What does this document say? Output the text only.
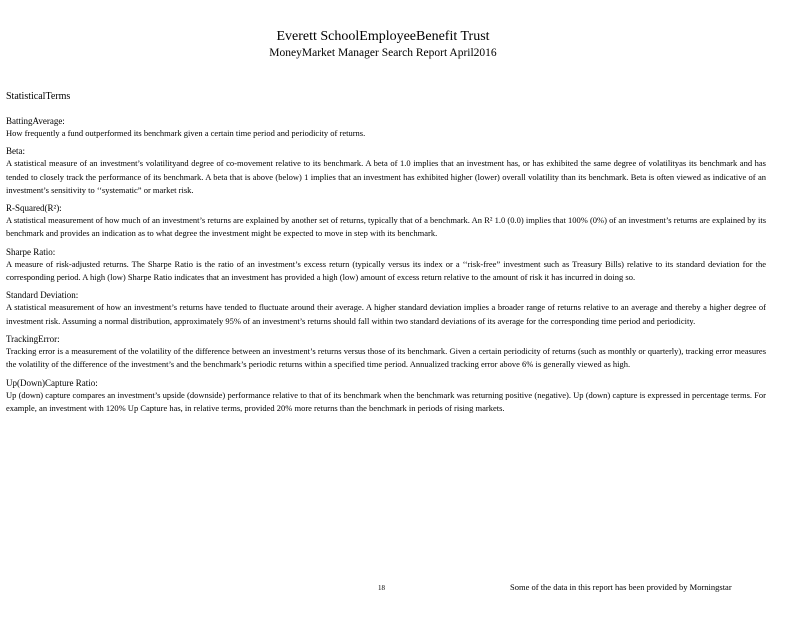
Everett SchoolEmployeeBenefit Trust
MoneyMarket Manager Search Report April2016
StatisticalTerms
BattingAverage:
How frequently a fund outperformed its benchmark given a certain time period and periodicity of returns.
Beta:
A statistical measure of an investment’s volatilityand degree of co-movement relative to its benchmark. A beta of 1.0 implies that an investment has, or has exhibited the same degree of volatilityas its benchmark and has tended to closely track the performance of its benchmark. A beta that is above (below) 1 implies that an investment has exhibited higher (lower) overall volatility than its benchmark. Beta is often viewed as indicative of an investment’s sensitivity to ‘‘systematic” or market risk.
R-Squared(R²):
A statistical measurement of how much of an investment’s returns are explained by another set of returns, typically that of a benchmark. An R² 1.0 (0.0) implies that 100% (0%) of an investment’s returns are explained by its benchmark and provides an indication as to what degree the investment might be expected to move in step with its benchmark.
Sharpe Ratio:
A measure of risk-adjusted returns. The Sharpe Ratio is the ratio of an investment’s excess return (typically versus its index or a ‘‘risk-free” investment such as Treasury Bills) relative to its standard deviation for the corresponding period. A high (low) Sharpe Ratio indicates that an investment has provided a high (low) amount of excess return relative to the amount of risk it has incurred in doing so.
Standard Deviation:
A statistical measurement of how an investment’s returns have tended to fluctuate around their average. A higher standard deviation implies a broader range of returns relative to an average and thereby a higher degree of investment risk. Assuming a normal distribution, approximately 95% of an investment’s returns should fall within two standard deviations of its average for the corresponding time period and periodicity.
TrackingError:
Tracking error is a measurement of the volatility of the difference between an investment’s returns versus those of its benchmark. Given a certain periodicity of returns (such as monthly or quarterly), tracking error measures the volatility of the difference of the investment’s and the benchmark’s periodic returns within a specified time period. Annualized tracking error above 6% is generally viewed as high.
Up(Down)Capture Ratio:
Up (down) capture compares an investment’s upside (downside) performance relative to that of its benchmark when the benchmark was returning positive (negative). Up (down) capture is expressed in percentage terms. For example, an investment with 120% Up Capture has, in relative terms, provided 20% more returns than the benchmark in periods of rising markets.
18	Some of the data in this report has been provided by Morningstar
